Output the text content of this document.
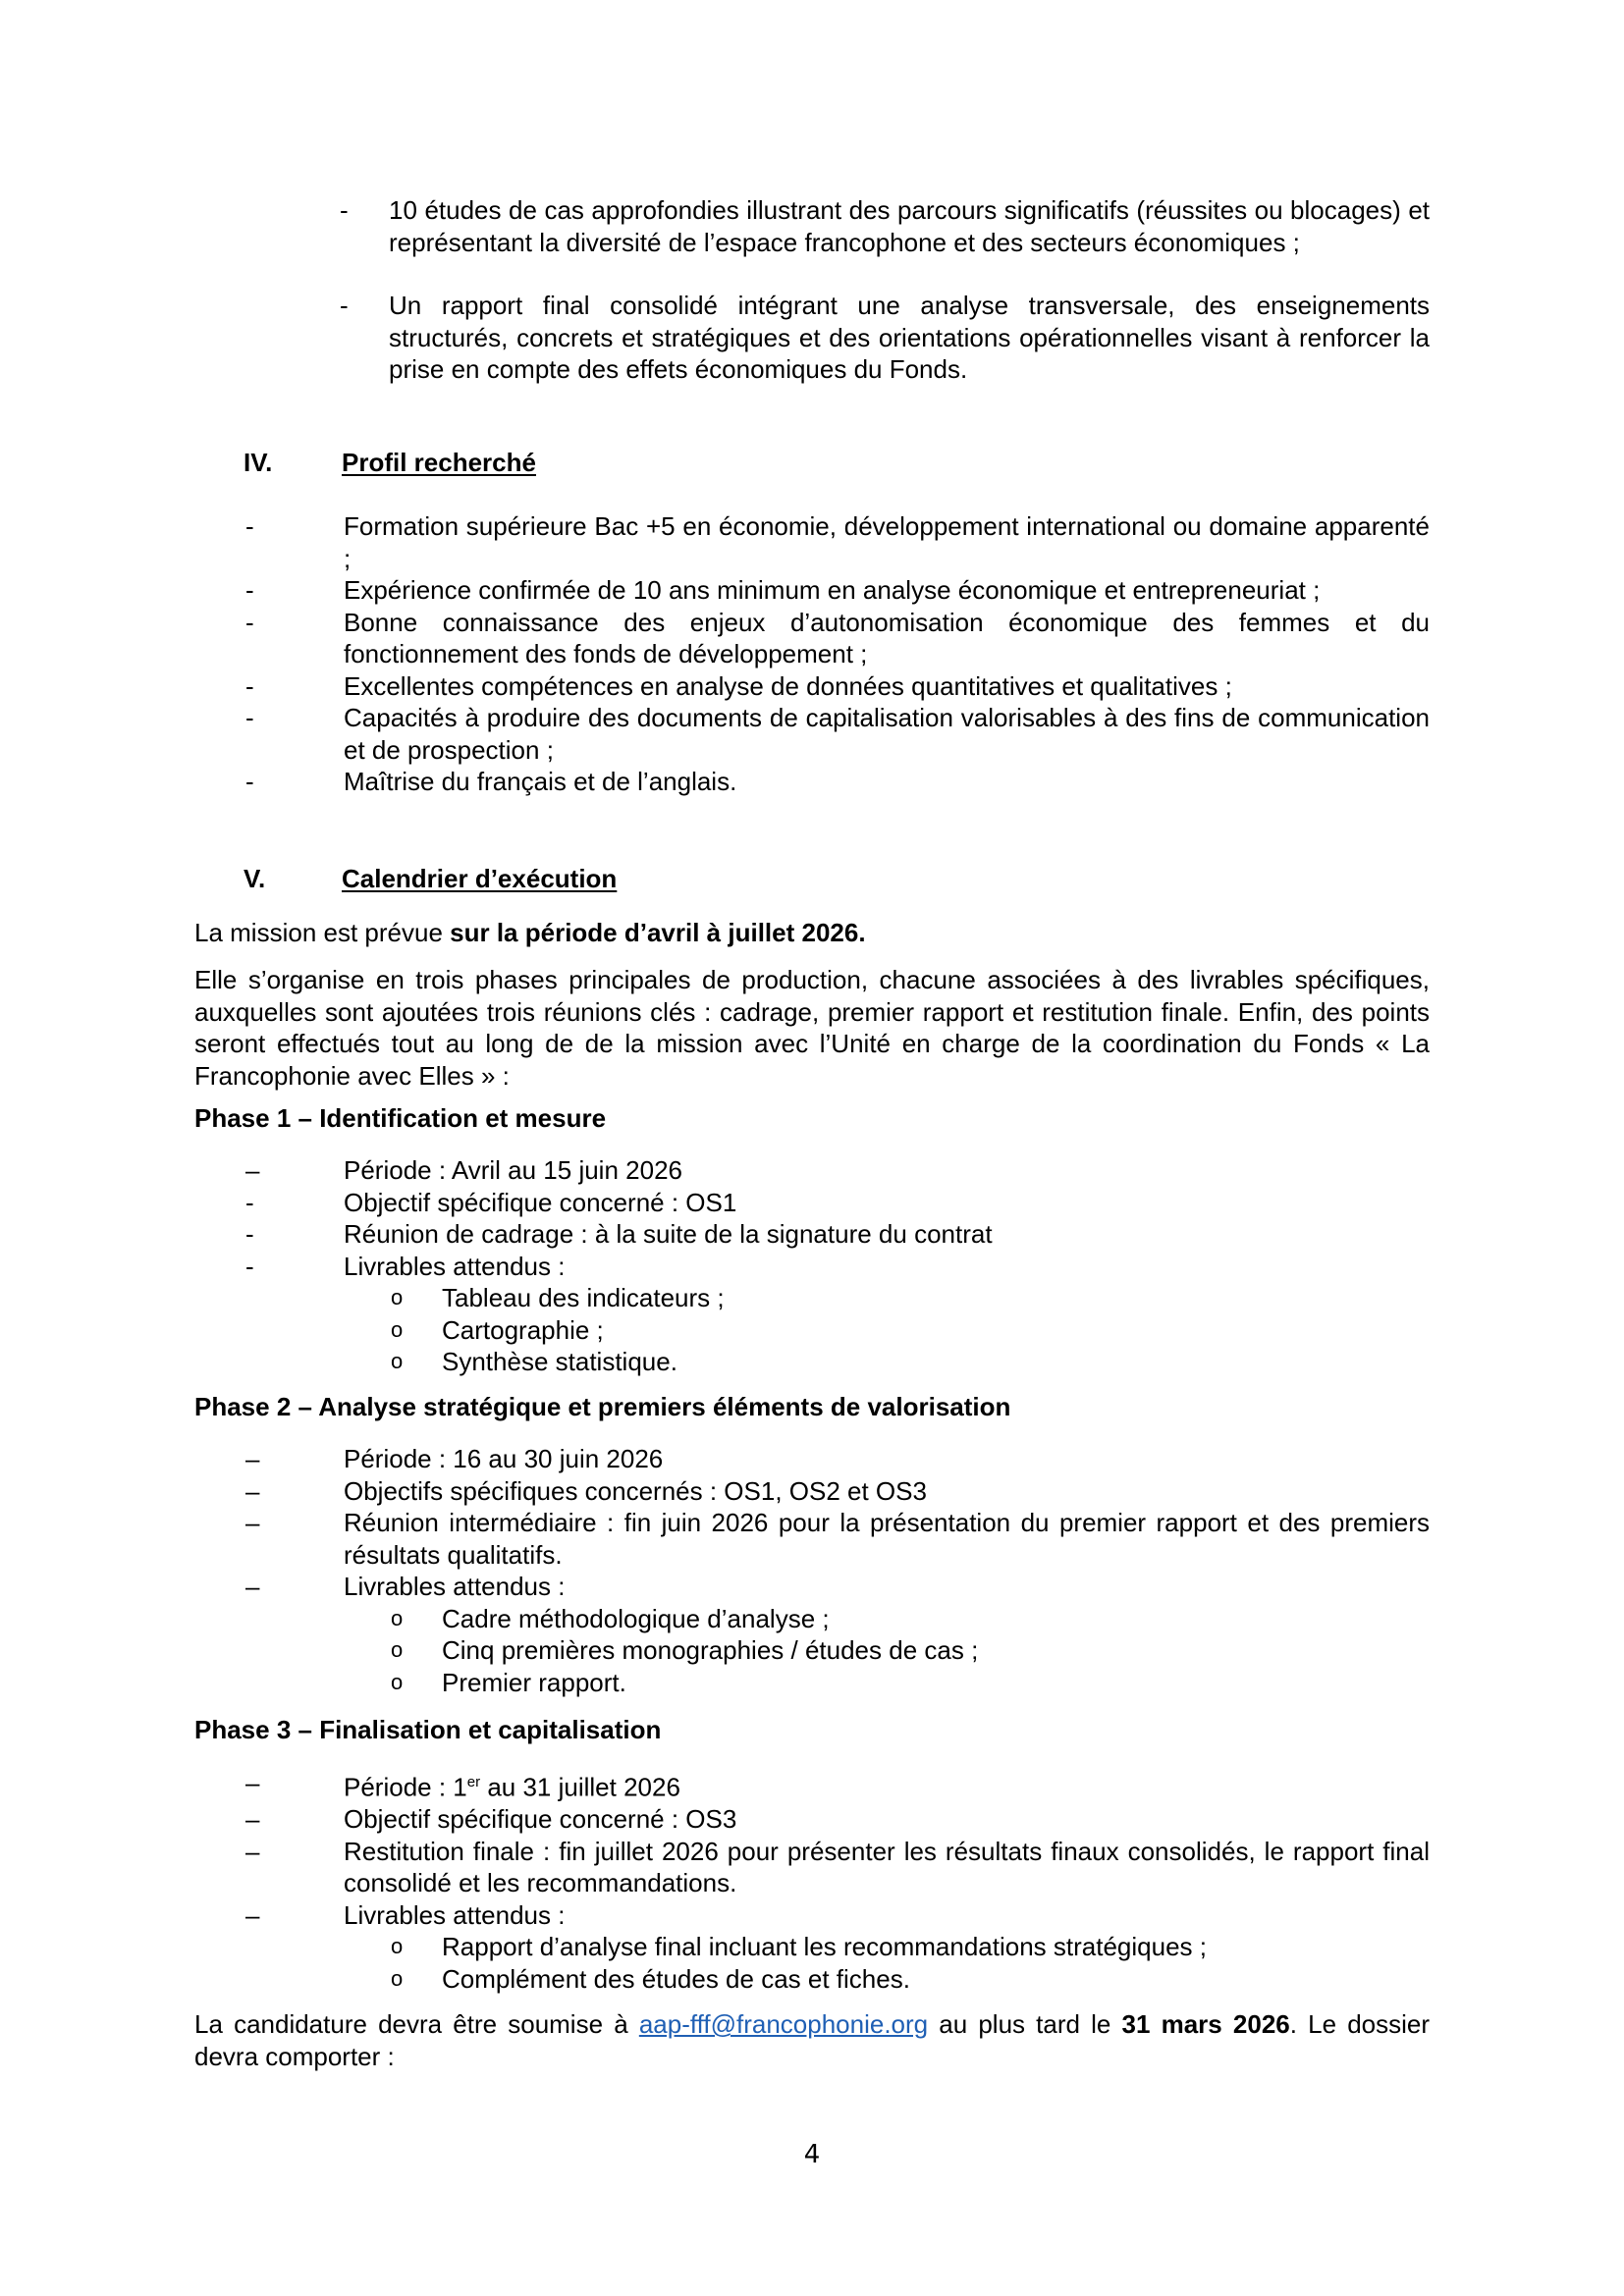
- 10 études de cas approfondies illustrant des parcours significatifs (réussites ou blocages) et représentant la diversité de l’espace francophone et des secteurs économiques ;
- Un rapport final consolidé intégrant une analyse transversale, des enseignements structurés, concrets et stratégiques et des orientations opérationnelles visant à renforcer la prise en compte des effets économiques du Fonds.
IV.	Profil recherché
-	Formation supérieure Bac +5 en économie, développement international ou domaine apparenté ;
-	Expérience confirmée de 10 ans minimum en analyse économique et entrepreneuriat ;
-	Bonne connaissance des enjeux d’autonomisation économique des femmes et du fonctionnement des fonds de développement ;
-	Excellentes compétences en analyse de données quantitatives et qualitatives ;
-	Capacités à produire des documents de capitalisation valorisables à des fins de communication et de prospection ;
-	Maîtrise du français et de l’anglais.
V.	Calendrier d’exécution
La mission est prévue sur la période d’avril à juillet 2026.
Elle s’organise en trois phases principales de production, chacune associées à des livrables spécifiques, auxquelles sont ajoutées trois réunions clés : cadrage, premier rapport et restitution finale. Enfin, des points seront effectués tout au long de de la mission avec l’Unité en charge de la coordination du Fonds « La Francophonie avec Elles » :
Phase 1 – Identification et mesure
–	Période : Avril au 15 juin 2026
-	Objectif spécifique concerné : OS1
-	Réunion de cadrage : à la suite de la signature du contrat
-	Livrables attendus :
o Tableau des indicateurs ;
o Cartographie ;
o Synthèse statistique.
Phase 2 – Analyse stratégique et premiers éléments de valorisation
–	Période : 16 au 30 juin 2026
–	Objectifs spécifiques concernés : OS1, OS2 et OS3
–	Réunion intermédiaire : fin juin 2026 pour la présentation du premier rapport et des premiers résultats qualitatifs.
–	Livrables attendus :
o Cadre méthodologique d’analyse ;
o Cinq premières monographies / études de cas ;
o Premier rapport.
Phase 3 – Finalisation et capitalisation
–	Période : 1er au 31 juillet 2026
–	Objectif spécifique concerné : OS3
–	Restitution finale : fin juillet 2026 pour présenter les résultats finaux consolidés, le rapport final consolidé et les recommandations.
–	Livrables attendus :
o Rapport d’analyse final incluant les recommandations stratégiques ;
o Complément des études de cas et fiches.
La candidature devra être soumise à aap-fff@francophonie.org au plus tard le 31 mars 2026. Le dossier devra comporter :
4
